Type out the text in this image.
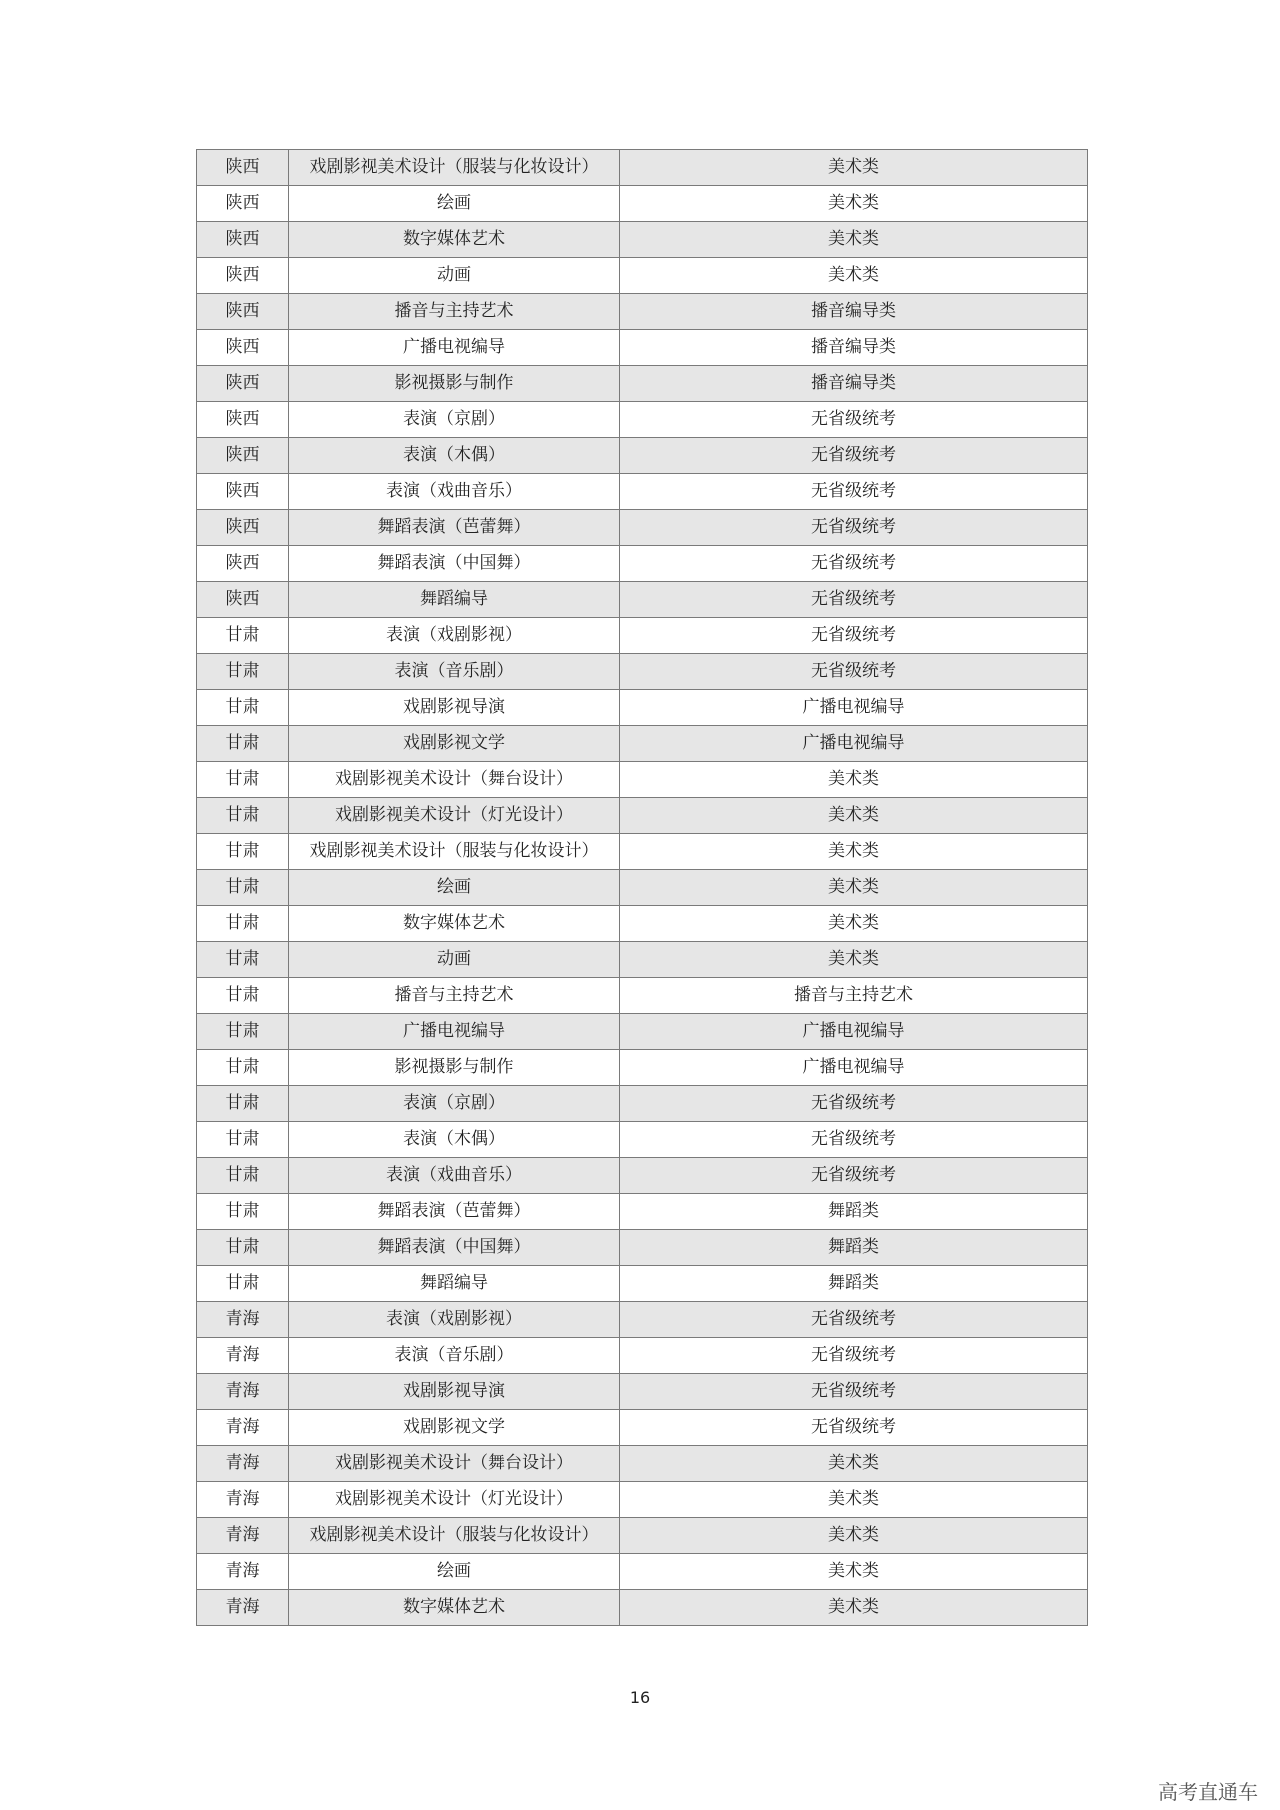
陕西	戏剧影视美术设计（服装与化妆设计）	美术类
陕西	绘画	美术类
陕西	数字媒体艺术	美术类
陕西	动画	美术类
陕西	播音与主持艺术	播音编导类
陕西	广播电视编导	播音编导类
陕西	影视摄影与制作	播音编导类
陕西	表演（京剧）	无省级统考
陕西	表演（木偶）	无省级统考
陕西	表演（戏曲音乐）	无省级统考
陕西	舞蹈表演（芭蕾舞）	无省级统考
陕西	舞蹈表演（中国舞）	无省级统考
陕西	舞蹈编导	无省级统考
甘肃	表演（戏剧影视）	无省级统考
甘肃	表演（音乐剧）	无省级统考
甘肃	戏剧影视导演	广播电视编导
甘肃	戏剧影视文学	广播电视编导
甘肃	戏剧影视美术设计（舞台设计）	美术类
甘肃	戏剧影视美术设计（灯光设计）	美术类
甘肃	戏剧影视美术设计（服装与化妆设计）	美术类
甘肃	绘画	美术类
甘肃	数字媒体艺术	美术类
甘肃	动画	美术类
甘肃	播音与主持艺术	播音与主持艺术
甘肃	广播电视编导	广播电视编导
甘肃	影视摄影与制作	广播电视编导
甘肃	表演（京剧）	无省级统考
甘肃	表演（木偶）	无省级统考
甘肃	表演（戏曲音乐）	无省级统考
甘肃	舞蹈表演（芭蕾舞）	舞蹈类
甘肃	舞蹈表演（中国舞）	舞蹈类
甘肃	舞蹈编导	舞蹈类
青海	表演（戏剧影视）	无省级统考
青海	表演（音乐剧）	无省级统考
青海	戏剧影视导演	无省级统考
青海	戏剧影视文学	无省级统考
青海	戏剧影视美术设计（舞台设计）	美术类
青海	戏剧影视美术设计（灯光设计）	美术类
青海	戏剧影视美术设计（服装与化妆设计）	美术类
青海	绘画	美术类
青海	数字媒体艺术	美术类
16
高考直通车
